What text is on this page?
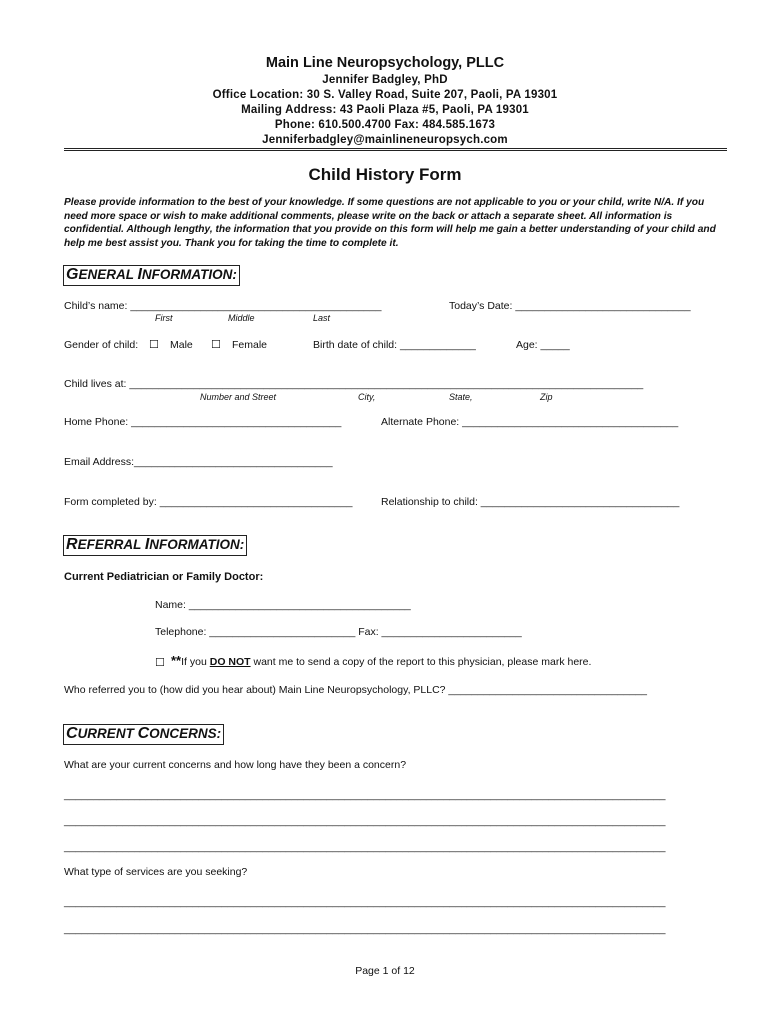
Main Line Neuropsychology, PLLC
Jennifer Badgley, PhD
Office Location: 30 S. Valley Road, Suite 207, Paoli, PA 19301
Mailing Address: 43 Paoli Plaza #5, Paoli, PA 19301
Phone: 610.500.4700 Fax: 484.585.1673
Jenniferbadgley@mainlineneuropsych.com
Child History Form
Please provide information to the best of your knowledge. If some questions are not applicable to you or your child, write N/A. If you need more space or wish to make additional comments, please write on the back or attach a separate sheet. All information is confidential. Although lengthy, the information that you provide on this form will help me gain a better understanding of your child and help me best assist you. Thank you for taking the time to complete it.
GENERAL INFORMATION:
Child’s name: ___________________________________________	Today’s Date: ______________________________
First	Middle	Last
Gender of child: ☐ Male ☐ Female	Birth date of child: _____________	Age: _____
Child lives at: ________________________________________________________________________________________
Number and Street	City,	State,	Zip
Home Phone: ____________________________________	Alternate Phone: _____________________________________
Email Address:__________________________________
Form completed by: _________________________________	Relationship to child: __________________________________
REFERRAL INFORMATION:
Current Pediatrician or Family Doctor:
Name: ______________________________________
Telephone: _________________________ Fax: ________________________
☐ **If you DO NOT want me to send a copy of the report to this physician, please mark here.
Who referred you to (how did you hear about) Main Line Neuropsychology, PLLC? __________________________________
CURRENT CONCERNS:
What are your current concerns and how long have they been a concern?
_______________________________________________________________________________________________________
_______________________________________________________________________________________________________
_______________________________________________________________________________________________________
What type of services are you seeking?
_______________________________________________________________________________________________________
_______________________________________________________________________________________________________
Page 1 of 12
